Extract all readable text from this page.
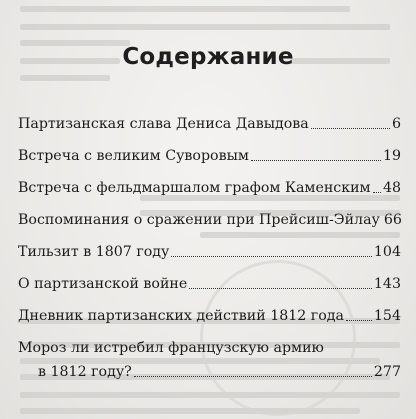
Содержание
Партизанская слава Дениса Давыдова	6
Встреча с великим Суворовым	19
Встреча с фельдмаршалом графом Каменским 48
Воспоминания о сражении при Прейсиш-Эйлау 66
Тильзит в 1807 году	104
О партизанской войне	143
Дневник партизанских действий 1812 года 154
Мороз ли истребил французскую армию
в 1812 году?	277
